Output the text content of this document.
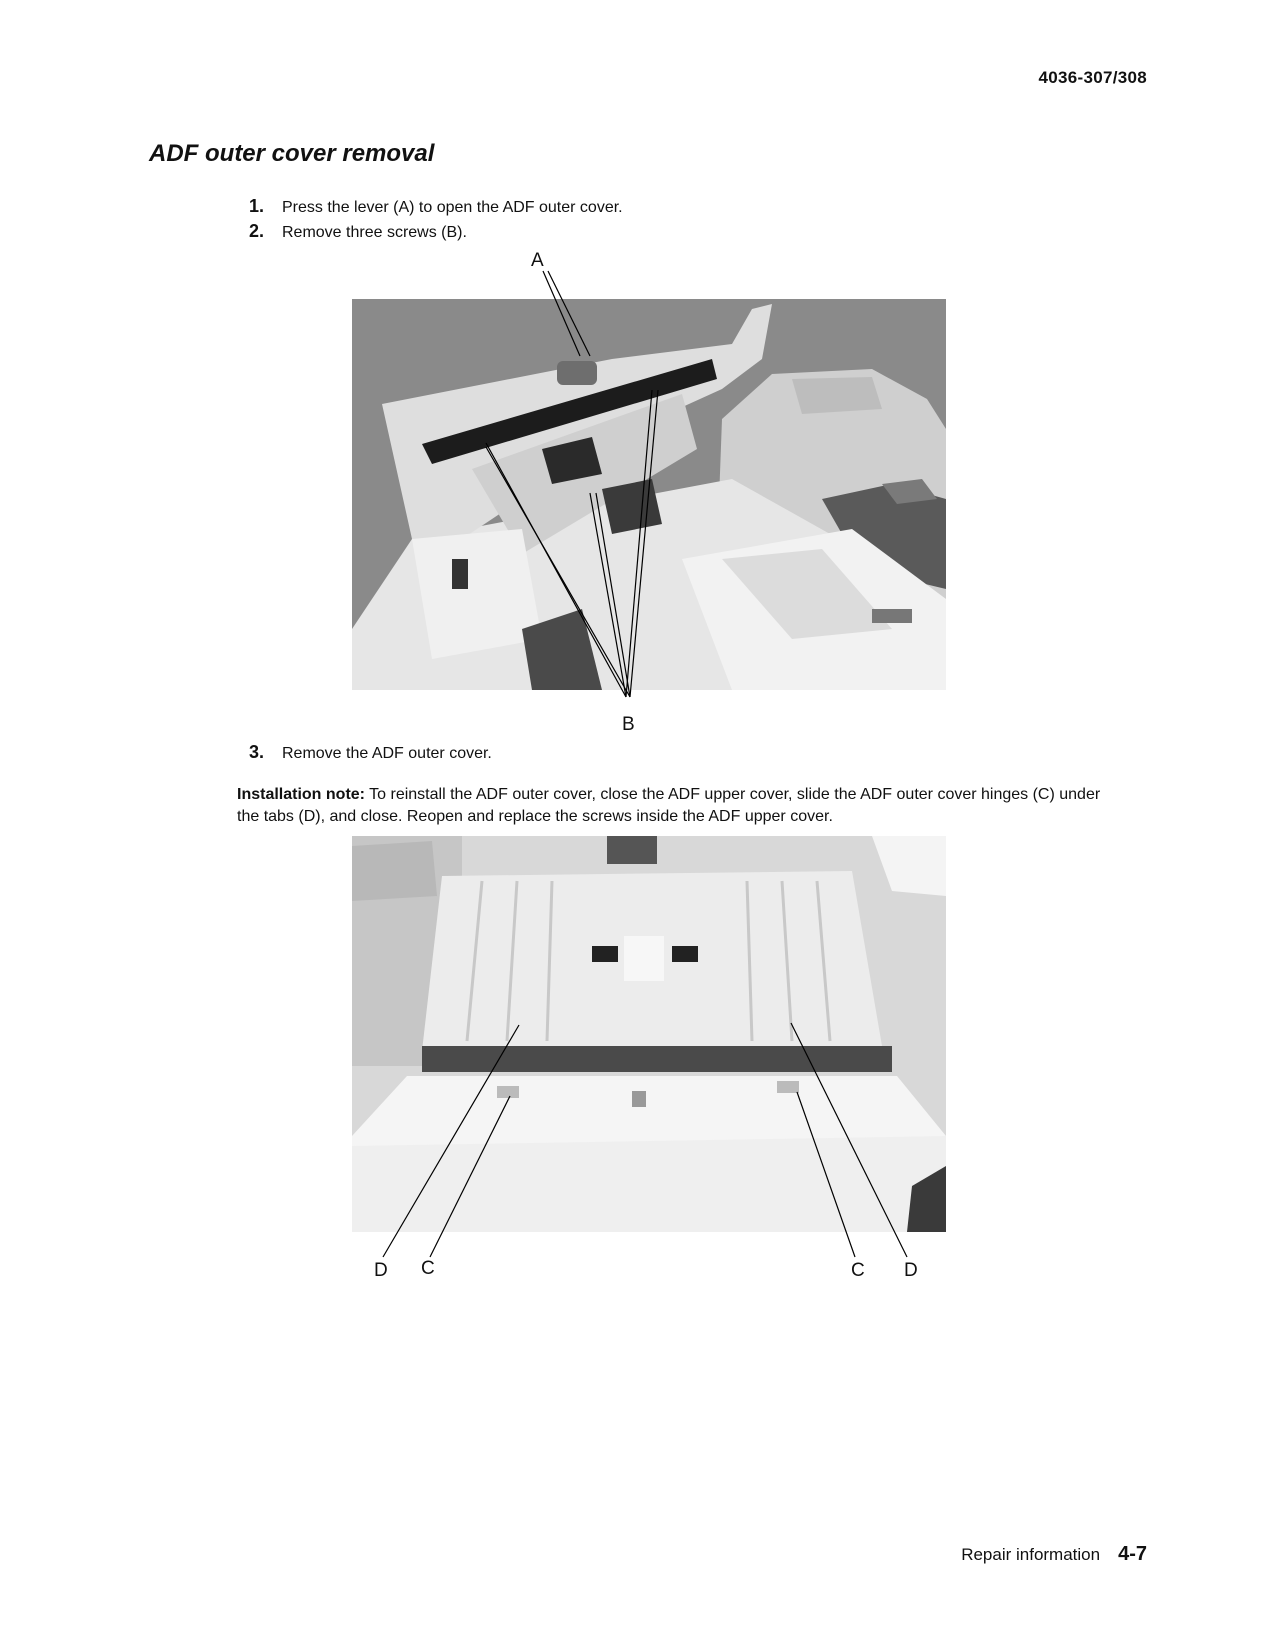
4036-307/308
ADF outer cover removal
1.	Press the lever (A) to open the ADF outer cover.
2.	Remove three screws (B).
A
B
3.	Remove the ADF outer cover.
Installation note: To reinstall the ADF outer cover, close the ADF upper cover, slide the ADF outer cover hinges (C) under the tabs (D), and close. Reopen and replace the screws inside the ADF upper cover.
D C	C D
Repair information 4-7
